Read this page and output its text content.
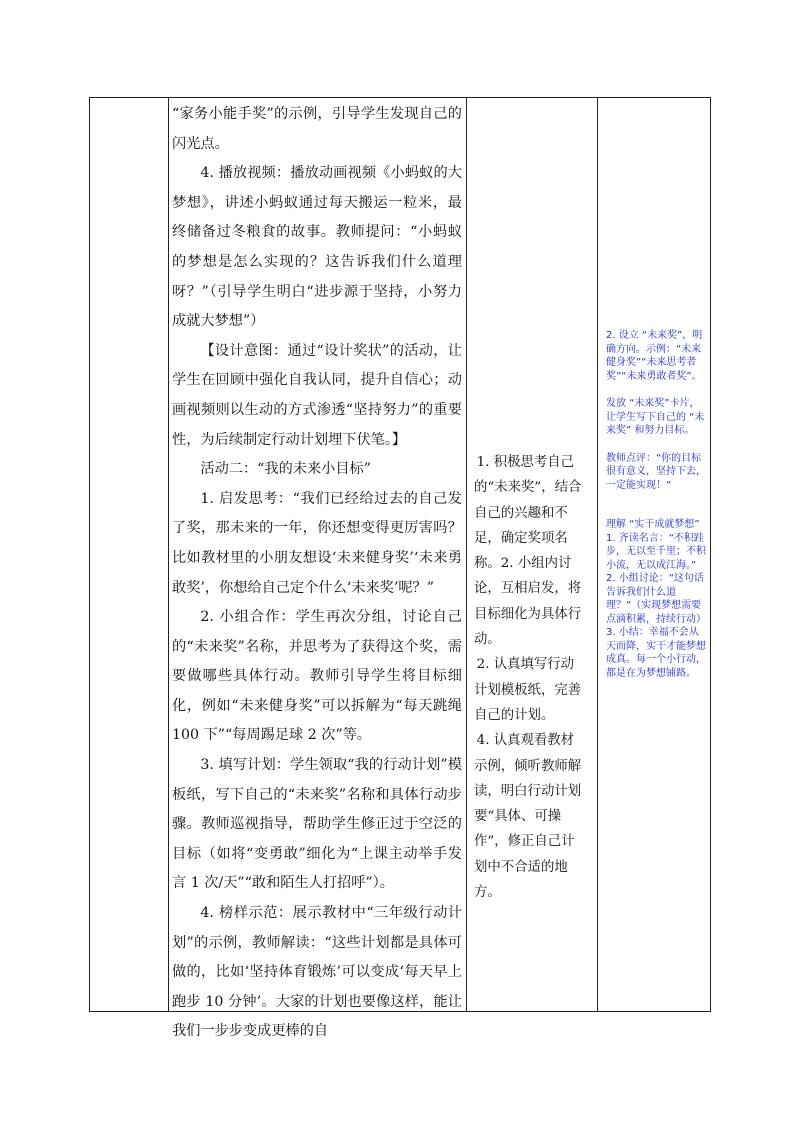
“家务小能手奖”的示例，引导学生发现自己的闪光点。

4. 播放视频：播放动画视频《小蚂蚁的大梦想》，讲述小蚂蚁通过每天搬运一粒米，最终储备过冬粮食的故事。教师提问：“小蚂蚁的梦想是怎么实现的？这告诉我们什么道理呀？”（引导学生明白“进步源于坚持，小努力成就大梦想”）

【设计意图：通过“设计奖状”的活动，让学生在回顾中强化自我认同，提升自信心；动画视频则以生动的方式渗透“坚持努力”的重要性，为后续制定行动计划埋下伏笔。】

活动二：“我的未来小目标”

1. 启发思考：“我们已经给过去的自己发了奖，那未来的一年，你还想变得更厉害吗？比如教材里的小朋友想设‘未来健身奖’‘未来勇敢奖’，你想给自己定个什么‘未来奖’呢？”

2. 小组合作：学生再次分组，讨论自己的“未来奖”名称，并思考为了获得这个奖，需要做哪些具体行动。教师引导学生将目标细化，例如“未来健身奖”可以拆解为“每天跳绳 100 下”“每周踢足球 2 次”等。

3. 填写计划：学生领取“我的行动计划”模板纸，写下自己的“未来奖”名称和具体行动步骤。教师巡视指导，帮助学生修正过于空泛的目标（如将“变勇敢”细化为“上课主动举手发言 1 次/天”“敢和陌生人打招呼”）。

4. 榜样示范：展示教材中“三年级行动计划”的示例，教师解读：“这些计划都是具体可做的，比如‘坚持体育锻炼’可以变成‘每天早上跑步 10 分钟’。大家的计划也要像这样，能让我们一步步变成更棒的自

1. 积极思考自己的“未来奖”，结合自己的兴趣和不足，确定奖项名称。2. 小组内讨论，互相启发，将目标细化为具体行动。

2. 认真填写行动计划模板纸，完善自己的计划。

4. 认真观看教材示例，倾听教师解读，明白行动计划要“具体、可操作”，修正自己计划中不合适的地方。

2. 设立 “未来奖”，明确方向。示例：“未来健身奖”“未来思考者奖”“未来勇敢者奖”。

发放 “未来奖”卡片，让学生写下自己的 “未来奖” 和努力目标。

教师点评：“你的目标很有意义，坚持下去，一定能实现！”

理解 “实干成就梦想”

1. 齐读名言：“不积跬步，无以至千里；不积小流，无以成江海。”

2. 小组讨论：“这句话告诉我们什么道理？”（实现梦想需要点滴积累，持续行动）

3. 小结：幸福不会从天而降，实干才能梦想成真。每一个小行动，都是在为梦想铺路。
